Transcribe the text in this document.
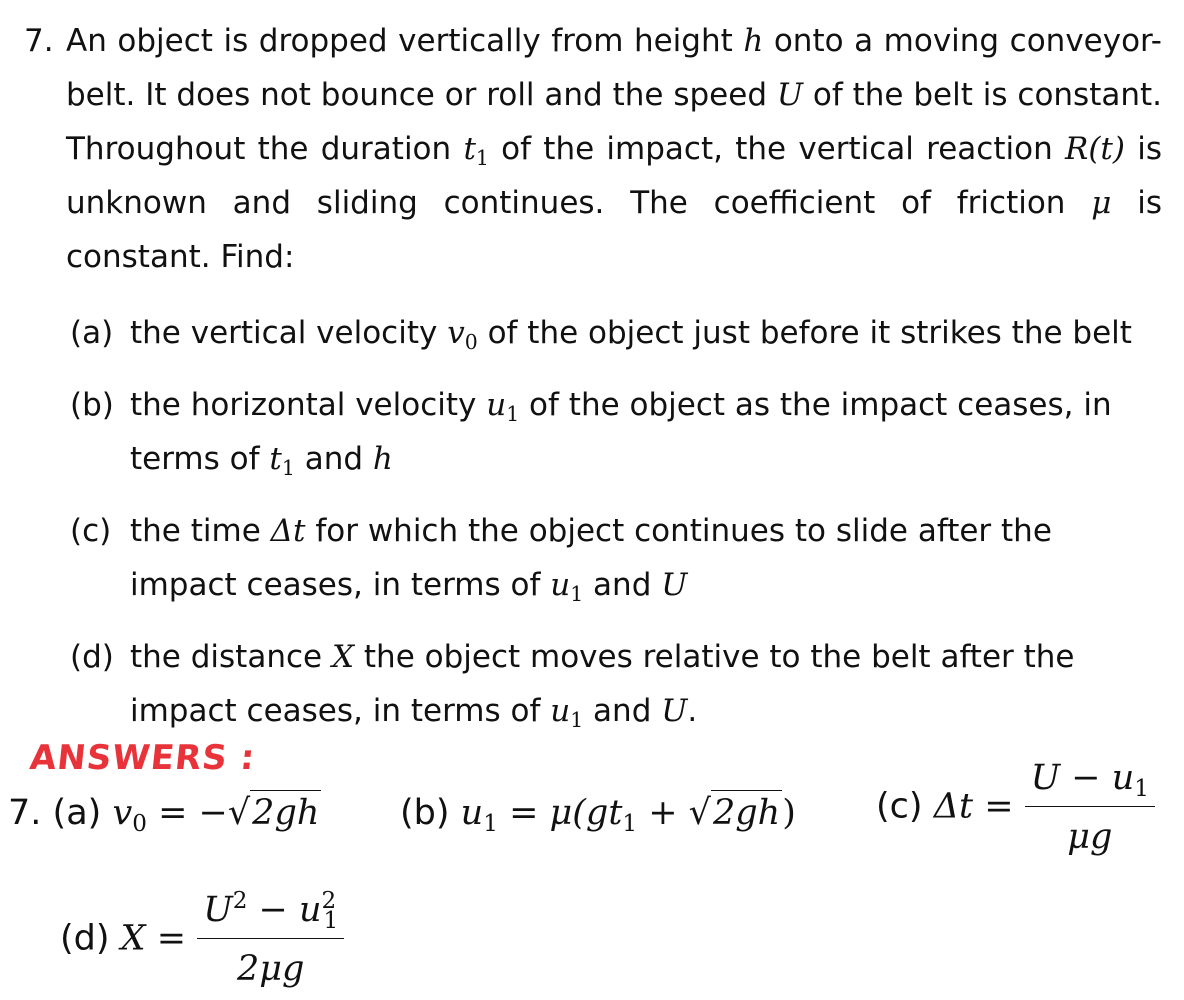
7. An object is dropped vertically from height h onto a moving conveyor-belt. It does not bounce or roll and the speed U of the belt is constant. Throughout the duration $t_1$ of the impact, the vertical reaction R(t) is unknown and sliding continues. The coefficient of friction μ is constant. Find:
(a) the vertical velocity $v_0$ of the object just before it strikes the belt
(b) the horizontal velocity $u_1$ of the object as the impact ceases, in terms of $t_1$ and h
(c) the time Δt for which the object continues to slide after the impact ceases, in terms of $u_1$ and U
(d) the distance X the object moves relative to the belt after the impact ceases, in terms of $u_1$ and U.
ANSWERS :
7. (a) $v_0$ = − √ 2gh (b) $u_1 = \mu(gt_1$ + √ 2gh ) (c) $\Delta t = \frac{U - u_1}{\mu g}$
(d) $X = \frac{U^2 - u^2_1}{2\mu g}$
